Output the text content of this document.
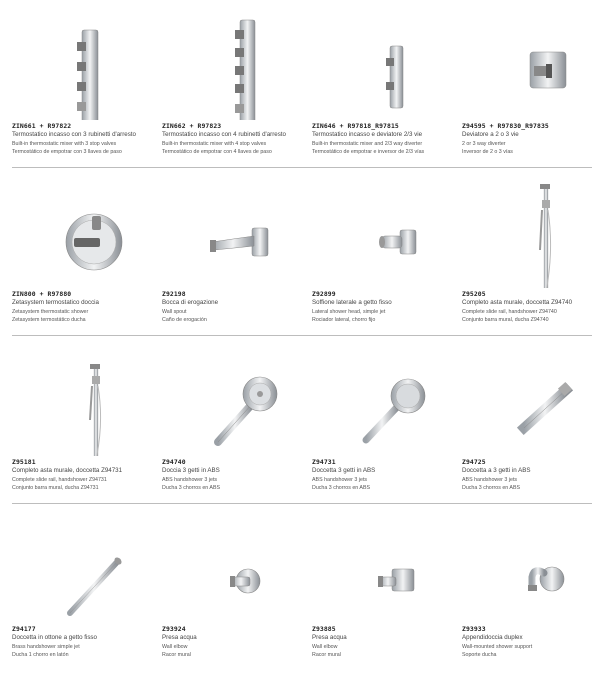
ZIN661 + R97822
Termostatico incasso con 3 rubinetti d'arresto
Built-in thermostatic mixer with 3 stop valves
Termostático de empotrar con 3 llaves de paso
ZIN662 + R97823
Termostatico incasso con 4 rubinetti d'arresto
Built-in thermostatic mixer with 4 stop valves
Termostático de empotrar con 4 llaves de paso
ZIN646 + R97818_R97815
Termostatico incasso e deviatore 2/3 vie
Built-in thermostatic mixer and 2/3 way diverter
Termostático de empotrar e inversor de 2/3 vías
Z94595 + R97830_R97835
Deviatore a 2 o 3 vie
2 or 3 way diverter
Inversor de 2 o 3 vías
ZIN800 + R97880
Zetasystem termostatico doccia
Zetasystem thermostatic shower
Zetasystem termostático ducha
Z92198
Bocca di erogazione
Wall spout
Caño de erogación
Z92899
Soffione laterale a getto fisso
Lateral shower head, simple jet
Rociador lateral, chorro fijo
Z95205
Completo asta murale, doccetta Z94740
Complete slide rail, handshower Z94740
Conjunto barra mural, ducha Z94740
Z95181
Completo asta murale, doccetta Z94731
Complete slide rail, handshower Z94731
Conjunto barra mural, ducha Z94731
Z94740
Doccia 3 getti in ABS
ABS handshower 3 jets
Ducha 3 chorros en ABS
Z94731
Doccetta 3 getti in ABS
ABS handshower 3 jets
Ducha 3 chorros en ABS
Z94725
Doccetta a 3 getti in ABS
ABS handshower 3 jets
Ducha 3 chorros en ABS
Z94177
Doccetta in ottone a getto fisso
Brass handshower simple jet
Ducha 1 chorro en latón
Z93924
Presa acqua
Wall elbow
Racor mural
Z93885
Presa acqua
Wall elbow
Racor mural
Z93933
Appendidoccia duplex
Wall-mounted shower support
Soporte ducha
